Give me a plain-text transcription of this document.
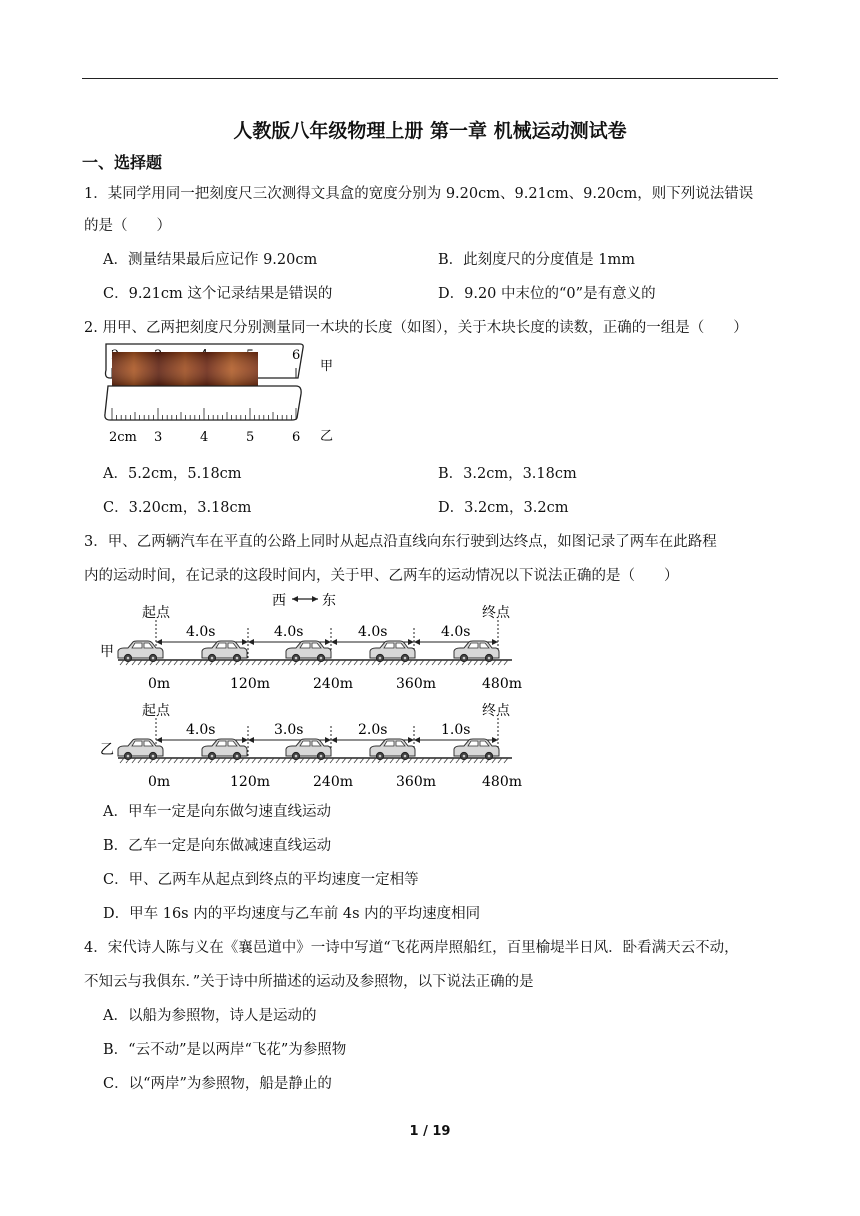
人教版八年级物理上册 第一章 机械运动测试卷
一、选择题
1．某同学用同一把刻度尺三次测得文具盒的宽度分别为 9.20cm、9.21cm、9.20cm，则下列说法错误
的是（　　）
A．测量结果最后应记作 9.20cm	B．此刻度尺的分度值是 1mm
C．9.21cm 这个记录结果是错误的	D．9.20 中末位的“0”是有意义的
2. 用甲、乙两把刻度尺分别测量同一木块的长度（如图），关于木块长度的读数，正确的一组是（　　）
6
甲
2cm 3	4	5	6 乙
A．5.2cm，5.18cm	B．3.2cm，3.18cm
C．3.20cm，3.18cm	D．3.2cm，3.2cm
3．甲、乙两辆汽车在平直的公路上同时从起点沿直线向东行驶到达终点，如图记录了两车在此路程
内的运动时间，在记录的这段时间内，关于甲、乙两车的运动情况以下说法正确的是（　　）
西	东
起点	终点
4.0s	4.0s	4.0s	4.0s
甲
0m	120m	240m	360m	480m
起点	终点
4.0s	3.0s	2.0s	1.0s
乙
0m	120m	240m	360m	480m
A．甲车一定是向东做匀速直线运动
B．乙车一定是向东做减速直线运动
C．甲、乙两车从起点到终点的平均速度一定相等
D．甲车 16s 内的平均速度与乙车前 4s 内的平均速度相同
4．宋代诗人陈与义在《襄邑道中》一诗中写道“飞花两岸照船红，百里榆堤半日风．卧看满天云不动，
不知云与我俱东．”关于诗中所描述的运动及参照物，以下说法正确的是
A．以船为参照物，诗人是运动的
B．“云不动”是以两岸“飞花”为参照物
C．以“两岸”为参照物，船是静止的
1 / 19
